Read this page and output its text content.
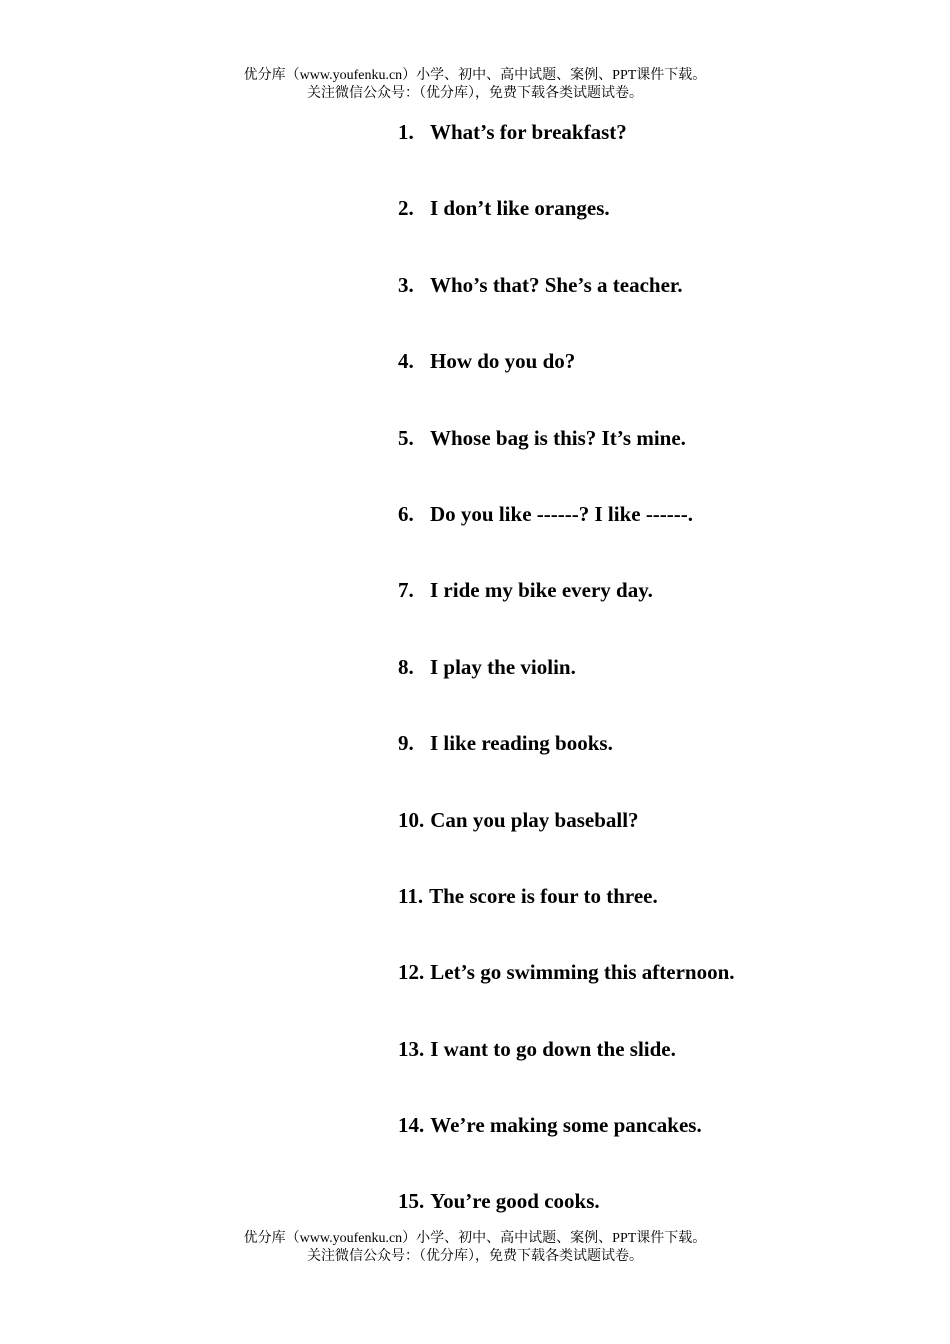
优分库（www.youfenku.cn）小学、初中、高中试题、案例、PPT课件下载。
关注微信公众号：（优分库），免费下载各类试题试卷。
1. What’s for breakfast?
2. I don’t like oranges.
3. Who’s that? She’s a teacher.
4. How do you do?
5. Whose bag is this? It’s mine.
6. Do you like ------? I like ------.
7. I ride my bike every day.
8. I play the violin.
9. I like reading books.
10. Can you play baseball?
11. The score is four to three.
12. Let’s go swimming this afternoon.
13. I want to go down the slide.
14. We’re making some pancakes.
15. You’re good cooks.
优分库（www.youfenku.cn）小学、初中、高中试题、案例、PPT课件下载。
关注微信公众号：（优分库），免费下载各类试题试卷。
